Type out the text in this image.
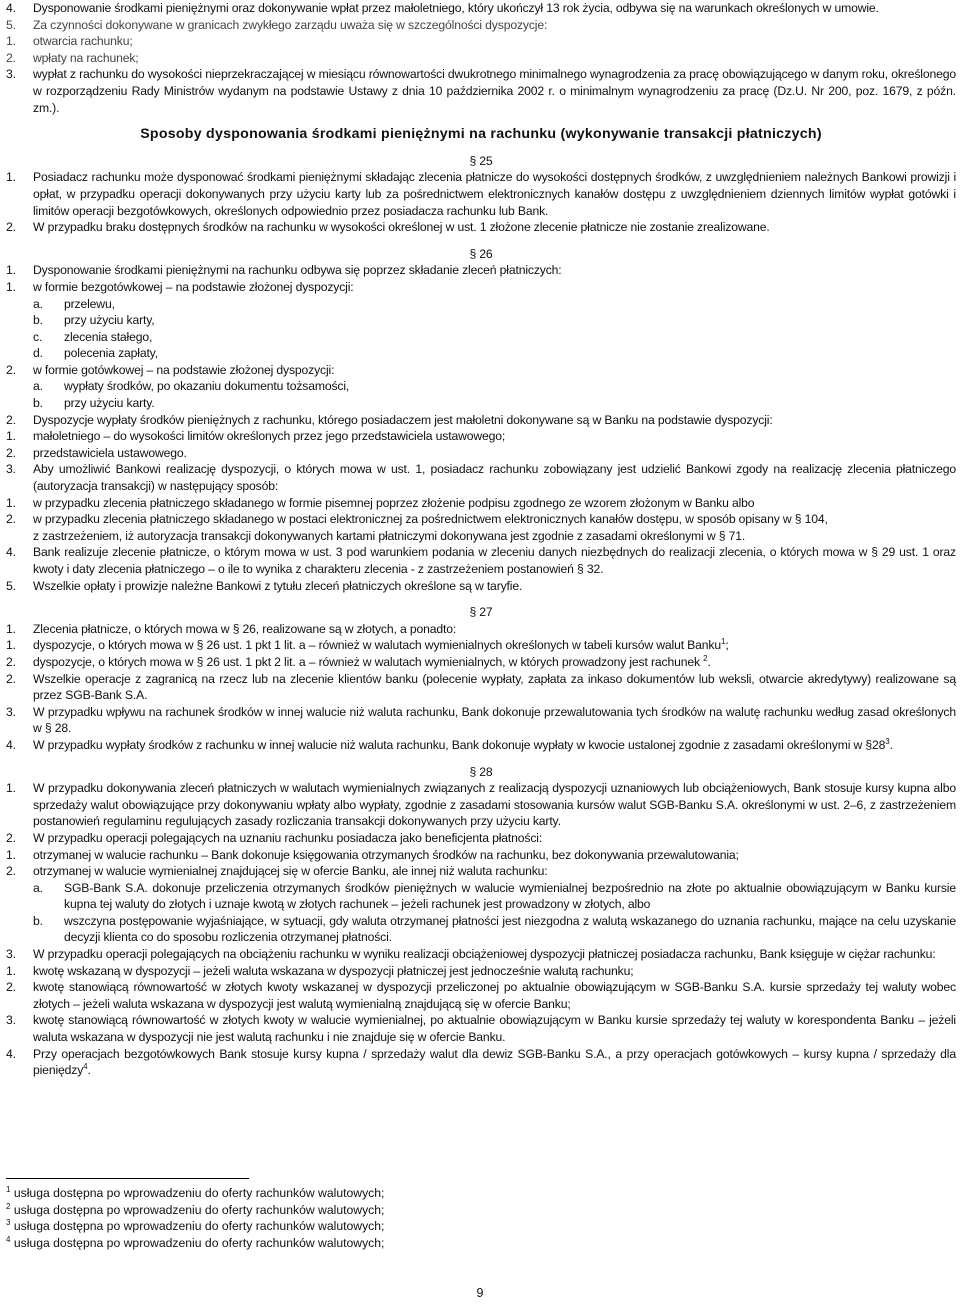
4. Dysponowanie środkami pieniężnymi oraz dokonywanie wpłat przez małoletniego, który ukończył 13 rok życia, odbywa się na warunkach określonych w umowie.
5. Za czynności dokonywane w granicach zwykłego zarządu uważa się w szczególności dyspozycje:
1. otwarcia rachunku;
2. wpłaty na rachunek;
3. wypłat z rachunku do wysokości nieprzekraczającej w miesiącu równowartości dwukrotnego minimalnego wynagrodzenia za pracę obowiązującego w danym roku, określonego w rozporządzeniu Rady Ministrów wydanym na podstawie Ustawy z dnia 10 października 2002 r. o minimalnym wynagrodzeniu za pracę (Dz.U. Nr 200, poz. 1679, z późn. zm.).
Sposoby dysponowania środkami pieniężnymi na rachunku (wykonywanie transakcji płatniczych)
§ 25
1. Posiadacz rachunku może dysponować środkami pieniężnymi składając zlecenia płatnicze do wysokości dostępnych środków, z uwzględnieniem należnych Bankowi prowizji i opłat, w przypadku operacji dokonywanych przy użyciu karty lub za pośrednictwem elektronicznych kanałów dostępu z uwzględnieniem dziennych limitów wypłat gotówki i limitów operacji bezgotówkowych, określonych odpowiednio przez posiadacza rachunku lub Bank.
2. W przypadku braku dostępnych środków na rachunku w wysokości określonej w ust. 1 złożone zlecenie płatnicze nie zostanie zrealizowane.
§ 26
1. Dysponowanie środkami pieniężnymi na rachunku odbywa się poprzez składanie zleceń płatniczych:
1. w formie bezgotówkowej – na podstawie złożonej dyspozycji:
a. przelewu,
b. przy użyciu karty,
c. zlecenia stałego,
d. polecenia zapłaty,
2. w formie gotówkowej – na podstawie złożonej dyspozycji:
a. wypłaty środków, po okazaniu dokumentu tożsamości,
b. przy użyciu karty.
2. Dyspozycje wypłaty środków pieniężnych z rachunku, którego posiadaczem jest małoletni dokonywane są w Banku na podstawie dyspozycji:
1. małoletniego – do wysokości limitów określonych przez jego przedstawiciela ustawowego;
2. przedstawiciela ustawowego.
3. Aby umożliwić Bankowi realizację dyspozycji, o których mowa w ust. 1, posiadacz rachunku zobowiązany jest udzielić Bankowi zgody na realizację zlecenia płatniczego (autoryzacja transakcji) w następujący sposób:
1. w przypadku zlecenia płatniczego składanego w formie pisemnej poprzez złożenie podpisu zgodnego ze wzorem złożonym w Banku albo
2. w przypadku zlecenia płatniczego składanego w postaci elektronicznej za pośrednictwem elektronicznych kanałów dostępu, w sposób opisany w § 104,
z zastrzeżeniem, iż autoryzacja transakcji dokonywanych kartami płatniczymi dokonywana jest zgodnie z zasadami określonymi w § 71.
4. Bank realizuje zlecenie płatnicze, o którym mowa w ust. 3 pod warunkiem podania w zleceniu danych niezbędnych do realizacji zlecenia, o których mowa w § 29 ust. 1 oraz kwoty i daty zlecenia płatniczego – o ile to wynika z charakteru zlecenia - z zastrzeżeniem postanowień § 32.
5. Wszelkie opłaty i prowizje należne Bankowi z tytułu zleceń płatniczych określone są w taryfie.
§ 27
1. Zlecenia płatnicze, o których mowa w § 26, realizowane są w złotych, a ponadto:
1. dyspozycje, o których mowa w § 26 ust. 1 pkt 1 lit. a – również w walutach wymienialnych określonych w tabeli kursów walut Banku$^1$;
2. dyspozycje, o których mowa w § 26 ust. 1 pkt 2 lit. a – również w walutach wymienialnych, w których prowadzony jest rachunek $^2$.
2. Wszelkie operacje z zagranicą na rzecz lub na zlecenie klientów banku (polecenie wypłaty, zapłata za inkaso dokumentów lub weksli, otwarcie akredytywy) realizowane są przez SGB-Bank S.A.
3. W przypadku wpływu na rachunek środków w innej walucie niż waluta rachunku, Bank dokonuje przewalutowania tych środków na walutę rachunku według zasad określonych w § 28.
4. W przypadku wypłaty środków z rachunku w innej walucie niż waluta rachunku, Bank dokonuje wypłaty w kwocie ustalonej zgodnie z zasadami określonymi w $\S 28^3$.
§ 28
1. W przypadku dokonywania zleceń płatniczych w walutach wymienialnych związanych z realizacją dyspozycji uznaniowych lub obciążeniowych, Bank stosuje kursy kupna albo sprzedaży walut obowiązujące przy dokonywaniu wpłaty albo wypłaty, zgodnie z zasadami stosowania kursów walut SGB-Banku S.A. określonymi w ust. 2–6, z zastrzeżeniem postanowień regulaminu regulujących zasady rozliczania transakcji dokonywanych przy użyciu karty.
2. W przypadku operacji polegających na uznaniu rachunku posiadacza jako beneficjenta płatności:
1. otrzymanej w walucie rachunku – Bank dokonuje księgowania otrzymanych środków na rachunku, bez dokonywania przewalutowania;
2. otrzymanej w walucie wymienialnej znajdującej się w ofercie Banku, ale innej niż waluta rachunku:
a. SGB-Bank S.A. dokonuje przeliczenia otrzymanych środków pieniężnych w walucie wymienialnej bezpośrednio na złote po aktualnie obowiązującym w Banku kursie kupna tej waluty do złotych i uznaje kwotą w złotych rachunek – jeżeli rachunek jest prowadzony w złotych, albo
b. wszczyna postępowanie wyjaśniające, w sytuacji, gdy waluta otrzymanej płatności jest niezgodna z walutą wskazanego do uznania rachunku, mające na celu uzyskanie decyzji klienta co do sposobu rozliczenia otrzymanej płatności.
3. W przypadku operacji polegających na obciążeniu rachunku w wyniku realizacji obciążeniowej dyspozycji płatniczej posiadacza rachunku, Bank księguje w ciężar rachunku:
1. kwotę wskazaną w dyspozycji – jeżeli waluta wskazana w dyspozycji płatniczej jest jednocześnie walutą rachunku;
2. kwotę stanowiącą równowartość w złotych kwoty wskazanej w dyspozycji przeliczonej po aktualnie obowiązującym w SGB-Banku S.A. kursie sprzedaży tej waluty wobec złotych – jeżeli waluta wskazana w dyspozycji jest walutą wymienialną znajdującą się w ofercie Banku;
3. kwotę stanowiącą równowartość w złotych kwoty w walucie wymienialnej, po aktualnie obowiązującym w Banku kursie sprzedaży tej waluty w korespondenta Banku – jeżeli waluta wskazana w dyspozycji nie jest walutą rachunku i nie znajduje się w ofercie Banku.
4. Przy operacjach bezgotówkowych Bank stosuje kursy kupna / sprzedaży walut dla dewiz SGB-Banku S.A., a przy operacjach gotówkowych – kursy kupna / sprzedaży dla pieniędzy$^4$.
$^1$ usługa dostępna po wprowadzeniu do oferty rachunków walutowych;
$^2$ usługa dostępna po wprowadzeniu do oferty rachunków walutowych;
$^3$ usługa dostępna po wprowadzeniu do oferty rachunków walutowych;
$^4$ usługa dostępna po wprowadzeniu do oferty rachunków walutowych;
9
